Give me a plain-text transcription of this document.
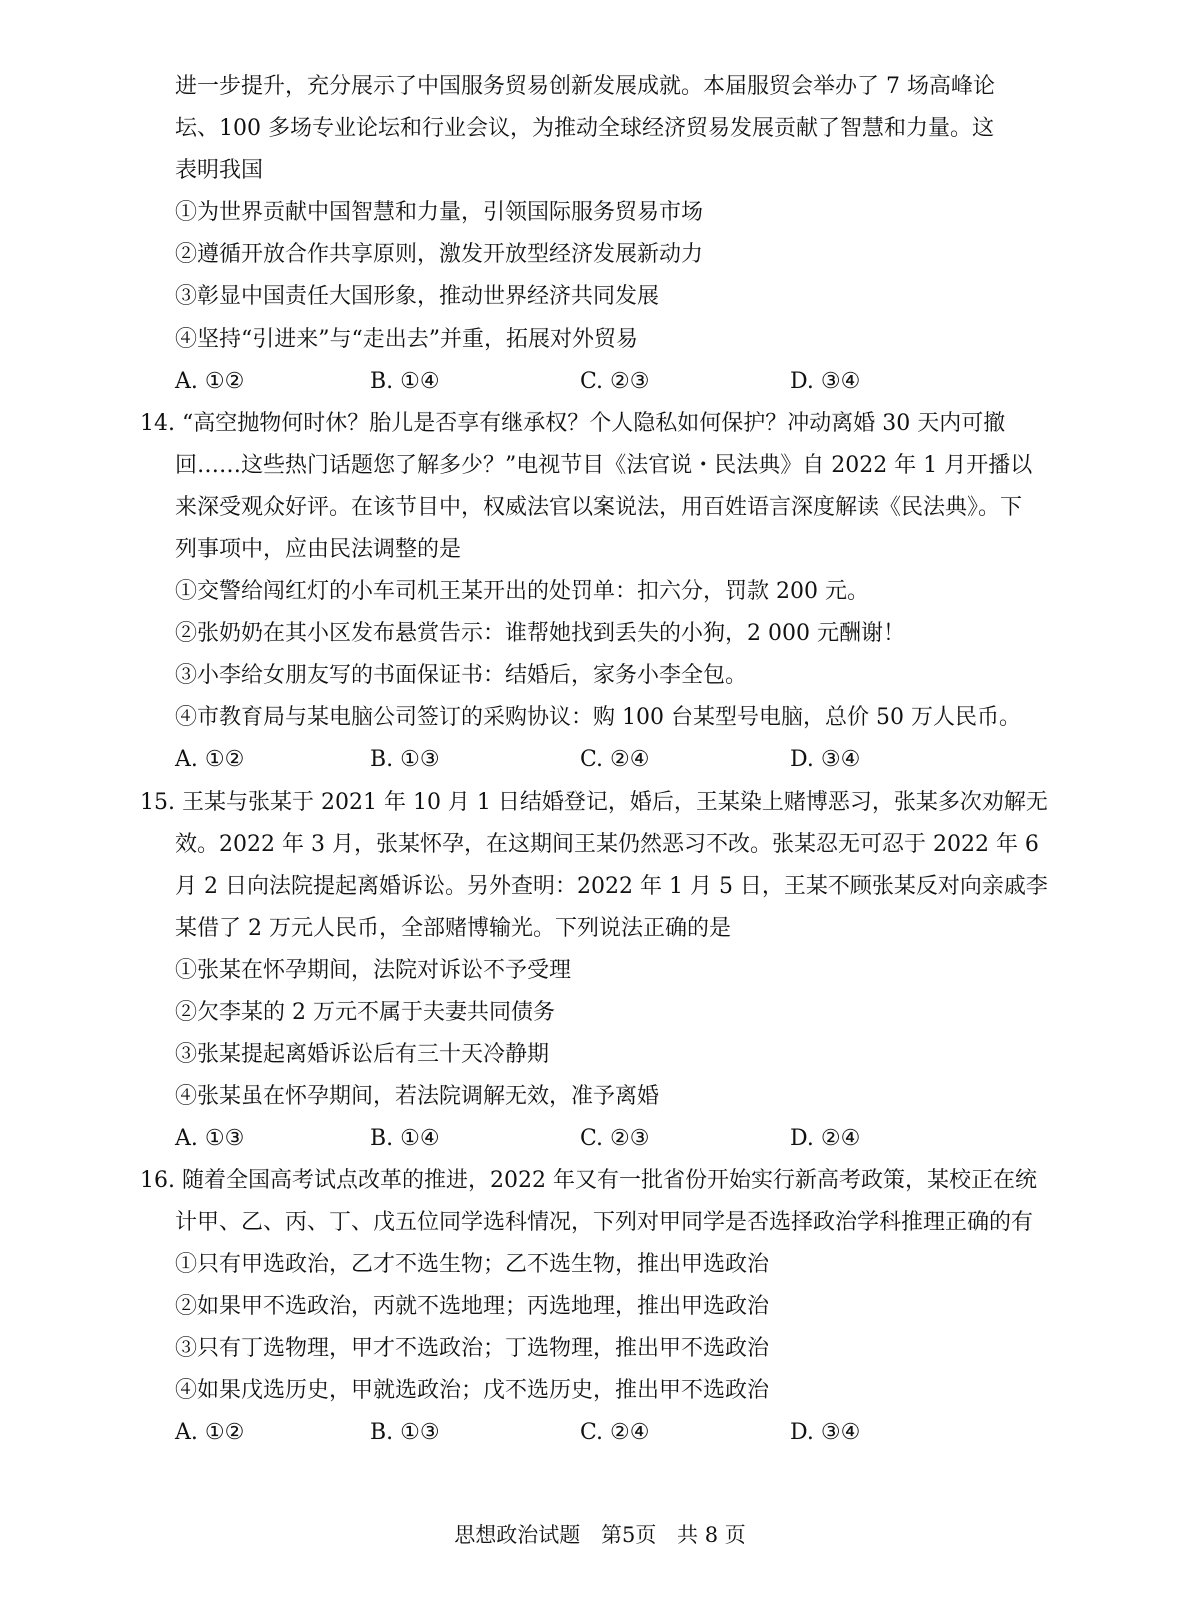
进一步提升，充分展示了中国服务贸易创新发展成就。本届服贸会举办了 7 场高峰论
坛、100 多场专业论坛和行业会议，为推动全球经济贸易发展贡献了智慧和力量。这
表明我国
①为世界贡献中国智慧和力量，引领国际服务贸易市场
②遵循开放合作共享原则，激发开放型经济发展新动力
③彰显中国责任大国形象，推动世界经济共同发展
④坚持“引进来”与“走出去”并重，拓展对外贸易
A. ①②	B. ①④	C. ②③	D. ③④
14. “高空抛物何时休？胎儿是否享有继承权？个人隐私如何保护？冲动离婚 30 天内可撤
回……这些热门话题您了解多少？”电视节目《法官说・民法典》自 2022 年 1 月开播以
来深受观众好评。在该节目中，权威法官以案说法，用百姓语言深度解读《民法典》。下
列事项中，应由民法调整的是
①交警给闯红灯的小车司机王某开出的处罚单：扣六分，罚款 200 元。
②张奶奶在其小区发布悬赏告示：谁帮她找到丢失的小狗，2 000 元酬谢！
③小李给女朋友写的书面保证书：结婚后，家务小李全包。
④市教育局与某电脑公司签订的采购协议：购 100 台某型号电脑，总价 50 万人民币。
A. ①②	B. ①③	C. ②④	D. ③④
15. 王某与张某于 2021 年 10 月 1 日结婚登记，婚后，王某染上赌博恶习，张某多次劝解无
效。2022 年 3 月，张某怀孕，在这期间王某仍然恶习不改。张某忍无可忍于 2022 年 6
月 2 日向法院提起离婚诉讼。另外查明：2022 年 1 月 5 日，王某不顾张某反对向亲戚李
某借了 2 万元人民币，全部赌博输光。下列说法正确的是
①张某在怀孕期间，法院对诉讼不予受理
②欠李某的 2 万元不属于夫妻共同债务
③张某提起离婚诉讼后有三十天冷静期
④张某虽在怀孕期间，若法院调解无效，准予离婚
A. ①③	B. ①④	C. ②③	D. ②④
16. 随着全国高考试点改革的推进，2022 年又有一批省份开始实行新高考政策，某校正在统
计甲、乙、丙、丁、戊五位同学选科情况，下列对甲同学是否选择政治学科推理正确的有
①只有甲选政治，乙才不选生物；乙不选生物，推出甲选政治
②如果甲不选政治，丙就不选地理；丙选地理，推出甲选政治
③只有丁选物理，甲才不选政治；丁选物理，推出甲不选政治
④如果戊选历史，甲就选政治；戊不选历史，推出甲不选政治
A. ①②	B. ①③	C. ②④	D. ③④
思想政治试题 第5页 共 8 页
